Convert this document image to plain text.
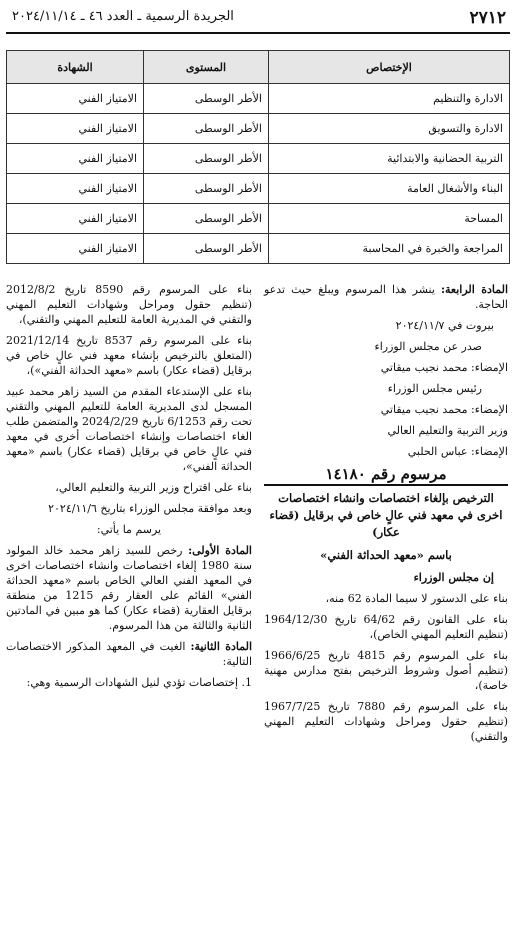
٢٧١٢
الجريدة الرسمية ـ العدد ٤٦ ـ ٢٠٢٤/١١/١٤
الإختصاص	المستوى	الشهادة
الادارة والتنظيم	الأطر الوسطى	الامتياز الفني
الادارة والتسويق	الأطر الوسطى	الامتياز الفني
التربية الحضانية والابتدائية	الأطر الوسطى	الامتياز الفني
البناء والأشغال العامة	الأطر الوسطى	الامتياز الفني
المساحة	الأطر الوسطى	الامتياز الفني
المراجعة والخبرة في المحاسبة	الأطر الوسطى	الامتياز الفني

المادة الرابعة: ينشر هذا المرسوم ويبلغ حيث تدعو الحاجة.

بيروت في ٢٠٢٤/١١/٧

صدر عن مجلس الوزراء

الإمضاء: محمد نجيب ميقاتي

رئيس مجلس الوزراء

الإمضاء: محمد نجيب ميقاتي

وزير التربية والتعليم العالي

الإمضاء: عباس الحلبي

مرسوم رقم ١٤١٨٠
الترخيص بإلغاء اختصاصات وانشاء اختصاصات اخرى في معهد فني عالٍ خاص في برقايل (قضاء عكار)
باسم «معهد الحداثة الفني»

إن مجلس الوزراء

بناء على الدستور لا سيما المادة 62 منه،

بناء على القانون رقم 64/62 تاريخ 1964/12/30 (تنظيم التعليم المهني الخاص)،

بناء على المرسوم رقم 4815 تاريخ 1966/6/25 (تنظيم أصول وشروط الترخيص بفتح مدارس مهنية خاصة)،

بناء على المرسوم رقم 7880 تاريخ 1967/7/25 (تنظيم حقول ومراحل وشهادات التعليم المهني والتقني)

بناء على المرسوم رقم 8590 تاريخ 2012/8/2 (تنظيم حقول ومراحل وشهادات التعليم المهني والتقني في المديرية العامة للتعليم المهني والتقني)،

بناء على المرسوم رقم 8537 تاريخ 2021/12/14 (المتعلق بالترخيص بإنشاء معهد فني عالٍ خاص في برقايل (قضاء عكار) باسم «معهد الحداثة الفني»)،

بناء على الإستدعاء المقدم من السيد زاهر محمد عبيد المسجل لدى المديرية العامة للتعليم المهني والتقني تحت رقم 6/1253 تاريخ 2024/2/29 والمتضمن طلب الغاء اختصاصات وإنشاء اختصاصات أخرى في معهد فني عالٍ خاص في برقايل (قضاء عكار) باسم «معهد الحداثة الفني»،

بناء على اقتراح وزير التربية والتعليم العالي،

وبعد موافقة مجلس الوزراء بتاريخ ٢٠٢٤/١١/٦

يرسم ما يأتي:

المادة الأولى: رخص للسيد زاهر محمد خالد المولود سنة 1980 إلغاء اختصاصات وانشاء اختصاصات اخرى في المعهد الفني العالي الخاص باسم «معهد الحداثة الفني» القائم على العقار رقم 1215 من منطقة برقايل العقارية (قضاء عكار) كما هو مبين في المادتين الثانية والثالثة من هذا المرسوم.

المادة الثانية: الغيت في المعهد المذكور الاختصاصات التالية:

1. إختصاصات تؤدي لنيل الشهادات الرسمية وهي:
